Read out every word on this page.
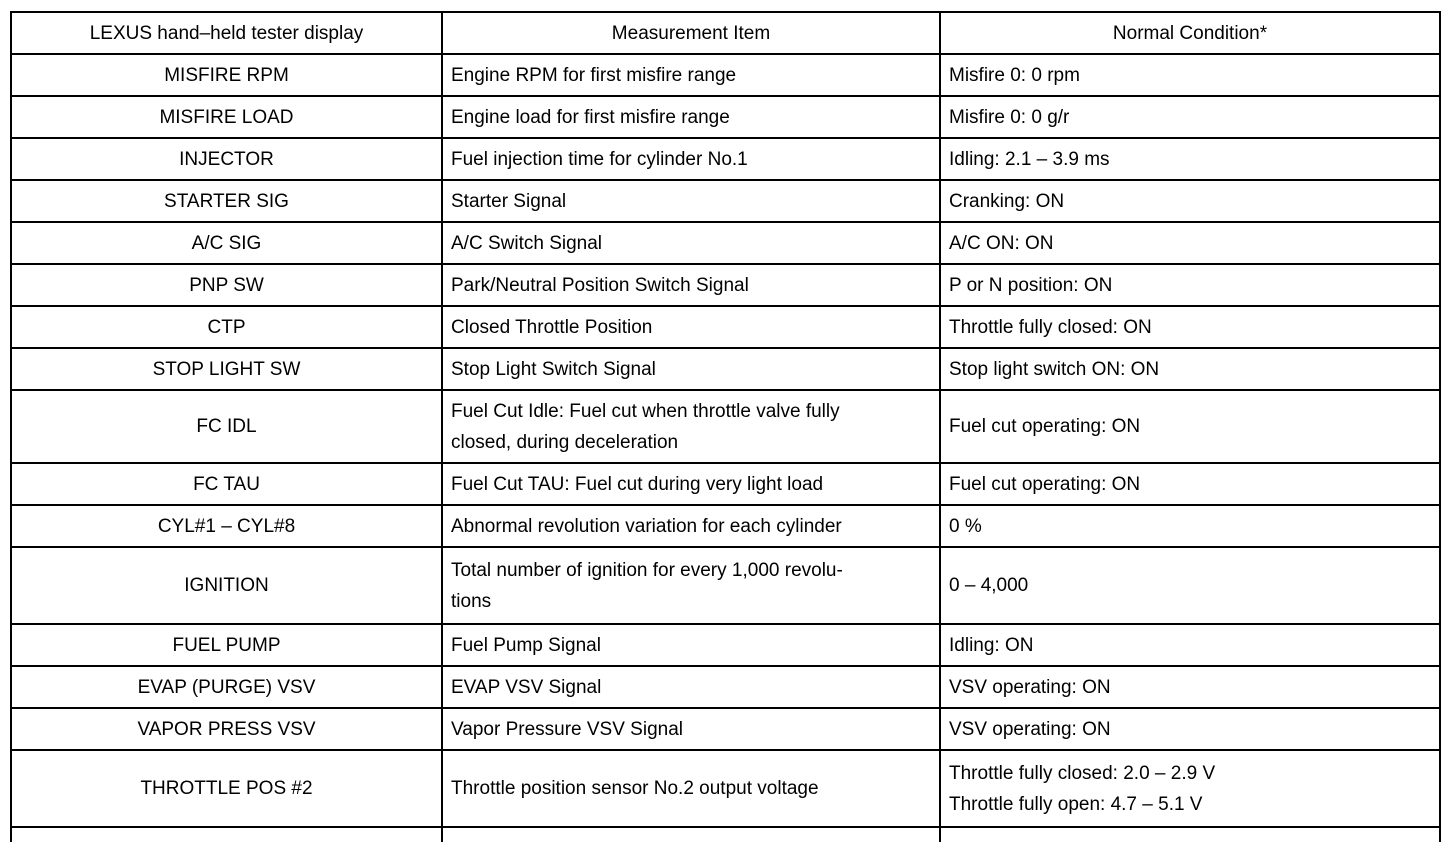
LEXUS hand–held tester display	Measurement Item	Normal Condition*
MISFIRE RPM	Engine RPM for first misfire range	Misfire 0: 0 rpm

MISFIRE LOAD	Engine load for first misfire range	Misfire 0: 0 g/r

INJECTOR	Fuel injection time for cylinder No.1	Idling: 2.1 – 3.9 ms

STARTER SIG	Starter Signal	Cranking: ON

A/C SIG	A/C Switch Signal	A/C ON: ON

PNP SW	Park/Neutral Position Switch Signal	P or N position: ON

CTP	Closed Throttle Position	Throttle fully closed: ON

STOP LIGHT SW	Stop Light Switch Signal	Stop light switch ON: ON

FC IDL	Fuel Cut Idle: Fuel cut when throttle valve fully
closed, during deceleration	Fuel cut operating: ON

FC TAU	Fuel Cut TAU: Fuel cut during very light load	Fuel cut operating: ON

CYL#1 – CYL#8	Abnormal revolution variation for each cylinder	0 %

IGNITION	Total number of ignition for every 1,000 revolu-
tions	0 – 4,000

FUEL PUMP	Fuel Pump Signal	Idling: ON

EVAP (PURGE) VSV	EVAP VSV Signal	VSV operating: ON

VAPOR PRESS VSV	Vapor Pressure VSV Signal	VSV operating: ON

THROTTLE POS #2	Throttle position sensor No.2 output voltage	Throttle fully closed: 2.0 – 2.9 V
Throttle fully open: 4.7 – 5.1 V
